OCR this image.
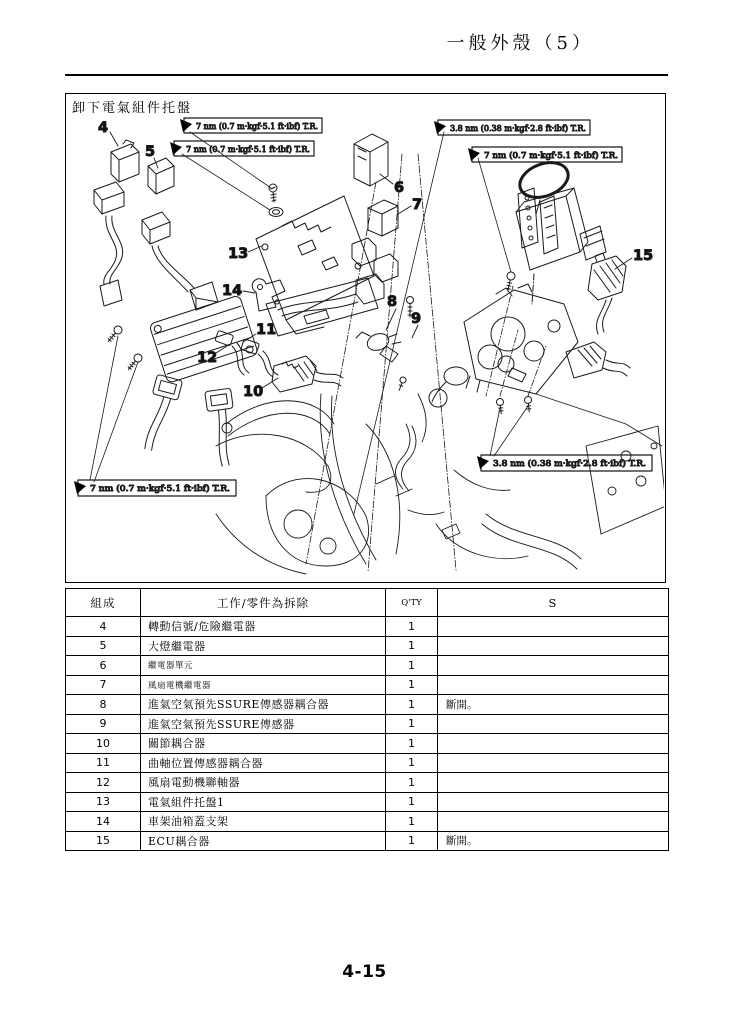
一般外殼（5）
卸下電氣組件托盤
7 nm (0.7 m·kgf·5.1 ft·ibf) T.R.
7 nm (0.7 m·kgf·5.1 ft·ibf) T.R.
3.8 nm (0.38 m·kgf·2.8 ft·ibf) T.R.
7 nm (0.7 m·kgf·5.1 ft·ibf) T.R.
7 nm (0.7 m·kgf·5.1 ft·ibf) T.R.
3.8 nm (0.38 m·kgf·2.8 ft·ibf) T.R.
4
5
6
7
8
9
10
11
12
13
14
15
組成	工作/零件為拆除	Q'TY	S
4	轉動信號/危險繼電器	1	
5	大燈繼電器	1	
6	繼電器單元	1	
7	風扇電機繼電器	1	
8	進氣空氣預先SSURE傳感器耦合器	1	斷開。
9	進氣空氣預先SSURE傳感器	1	
10	關節耦合器	1	
11	曲軸位置傳感器耦合器	1	
12	風扇電動機聯軸器	1	
13	電氣組件托盤1	1	
14	車架油箱蓋支架	1	
15	ECU耦合器	1	斷開。
4-15
